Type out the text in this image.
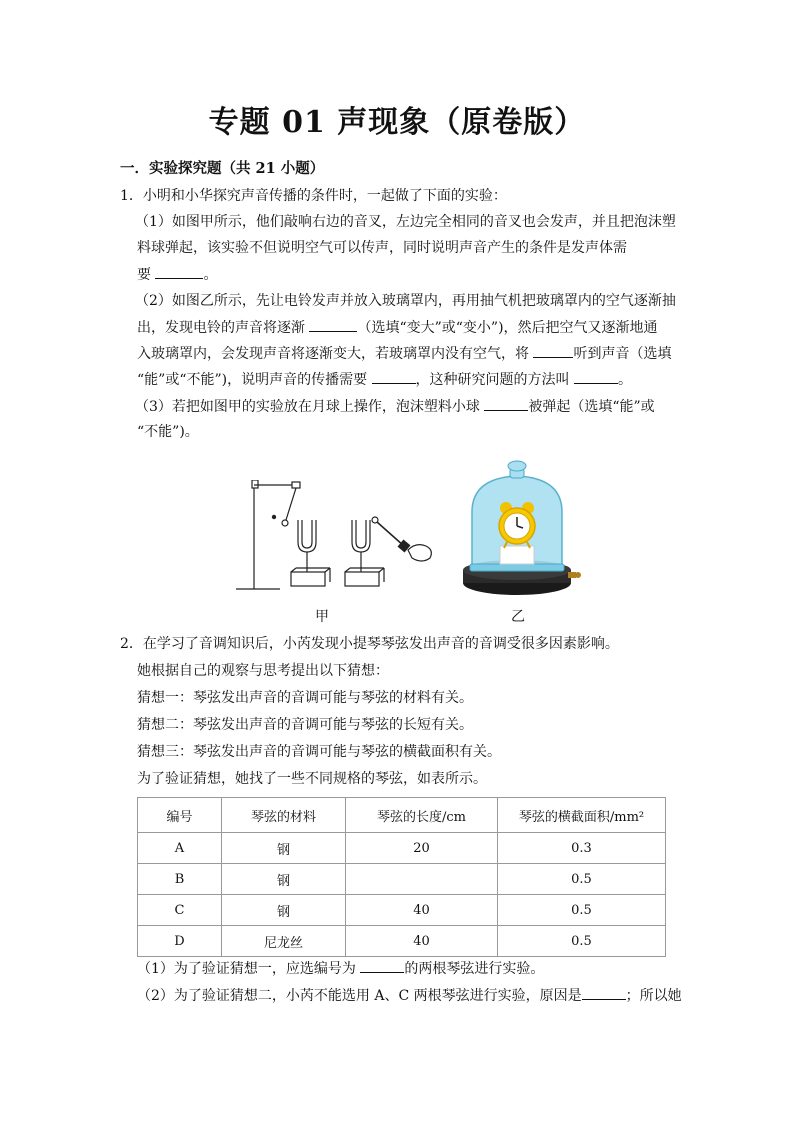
专题 01 声现象（原卷版）
一．实验探究题（共 21 小题）
1．小明和小华探究声音传播的条件时，一起做了下面的实验：
（1）如图甲所示，他们敲响右边的音叉，左边完全相同的音叉也会发声，并且把泡沫塑
料球弹起，该实验不但说明空气可以传声，同时说明声音产生的条件是发声体需
要	。
（2）如图乙所示，先让电铃发声并放入玻璃罩内，再用抽气机把玻璃罩内的空气逐渐抽
出，发现电铃的声音将逐渐	（选填“变大”或“变小”)，然后把空气又逐渐地通
入玻璃罩内，会发现声音将逐渐变大，若玻璃罩内没有空气，将	听到声音（选填
“能”或“不能”)，说明声音的传播需要	，这种研究问题的方法叫	。
（3）若把如图甲的实验放在月球上操作，泡沫塑料小球	被弹起（选填“能”或
“不能”)。
甲	乙
2．在学习了音调知识后，小芮发现小提琴琴弦发出声音的音调受很多因素影响。
她根据自己的观察与思考提出以下猜想：
猜想一：琴弦发出声音的音调可能与琴弦的材料有关。
猜想二：琴弦发出声音的音调可能与琴弦的长短有关。
猜想三：琴弦发出声音的音调可能与琴弦的横截面积有关。
为了验证猜想，她找了一些不同规格的琴弦，如表所示。
编号	琴弦的材料	琴弦的长度/cm	琴弦的横截面积/mm²
A	钢	20	0.3
B	钢		0.5
C	钢	40	0.5
D	尼龙丝	40	0.5
（1）为了验证猜想一，应选编号为	的两根琴弦进行实验。
（2）为了验证猜想二，小芮不能选用 A、C 两根琴弦进行实验，原因是	；所以她
